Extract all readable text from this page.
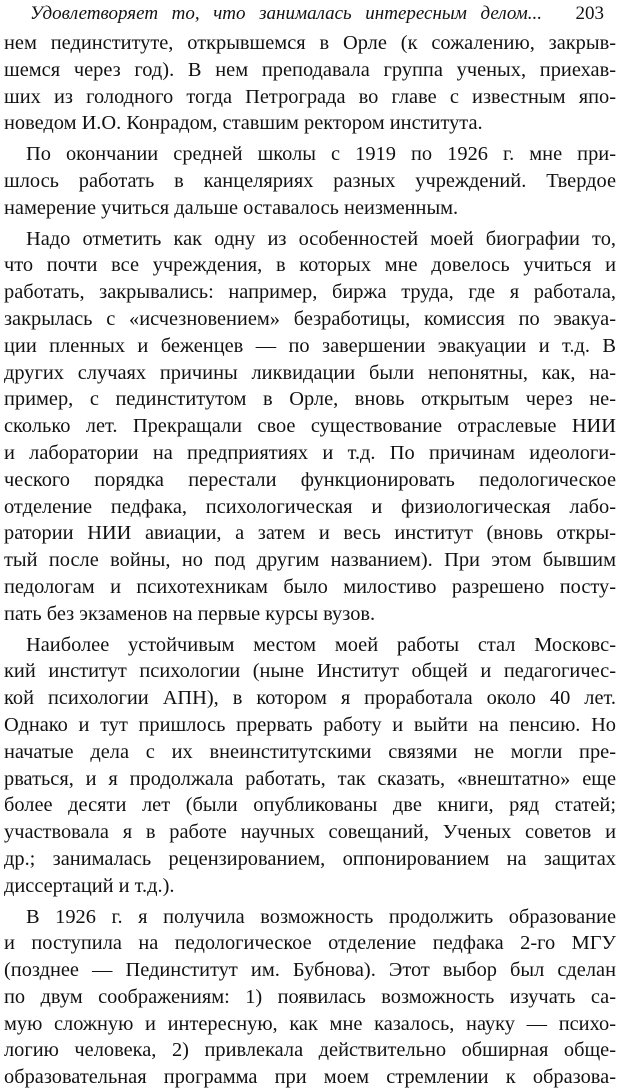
Удовлетворяет то, что занималась интересным делом...	203

нем пединституте, открывшемся в Орле (к сожалению, закрыв-
шемся через год). В нем преподавала группа ученых, приехав-
ших из голодного тогда Петрограда во главе с известным япо-
новедом И.О. Конрадом, ставшим ректором института.

По окончании средней школы с 1919 по 1926 г. мне при-
шлось работать в канцеляриях разных учреждений. Твердое
намерение учиться дальше оставалось неизменным.

Надо отметить как одну из особенностей моей биографии то,
что почти все учреждения, в которых мне довелось учиться и
работать, закрывались: например, биржа труда, где я работала,
закрылась с «исчезновением» безработицы, комиссия по эвакуа-
ции пленных и беженцев — по завершении эвакуации и т.д. В
других случаях причины ликвидации были непонятны, как, на-
пример, с пединститутом в Орле, вновь открытым через не-
сколько лет. Прекращали свое существование отраслевые НИИ
и лаборатории на предприятиях и т.д. По причинам идеологи-
ческого порядка перестали функционировать педологическое
отделение педфака, психологическая и физиологическая лабо-
ратории НИИ авиации, а затем и весь институт (вновь откры-
тый после войны, но под другим названием). При этом бывшим
педологам и психотехникам было милостиво разрешено посту-
пать без экзаменов на первые курсы вузов.

Наиболее устойчивым местом моей работы стал Московс-
кий институт психологии (ныне Институт общей и педагогичес-
кой психологии АПН), в котором я проработала около 40 лет.
Однако и тут пришлось прервать работу и выйти на пенсию. Но
начатые дела с их внеинститутскими связями не могли пре-
рваться, и я продолжала работать, так сказать, «внештатно» еще
более десяти лет (были опубликованы две книги, ряд статей;
участвовала я в работе научных совещаний, Ученых советов и
др.; занималась рецензированием, оппонированием на защитах
диссертаций и т.д.).

В 1926 г. я получила возможность продолжить образование
и поступила на педологическое отделение педфака 2-го МГУ
(позднее — Пединститут им. Бубнова). Этот выбор был сделан
по двум соображениям: 1) появилась возможность изучать са-
мую сложную и интересную, как мне казалось, науку — психо-
логию человека, 2) привлекала действительно обширная обще-
образовательная программа при моем стремлении к образова-
